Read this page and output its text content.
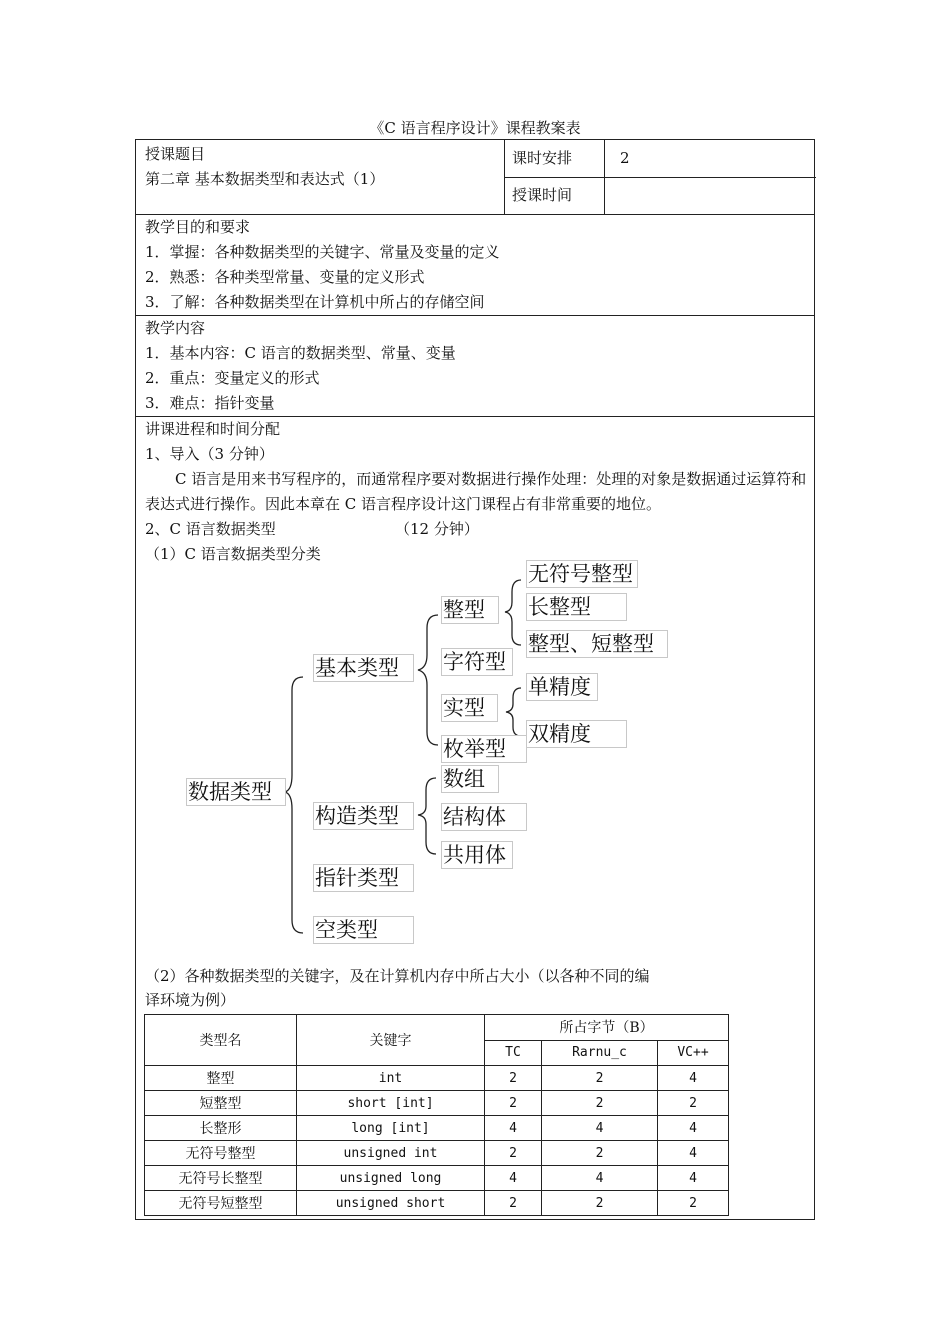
《C 语言程序设计》课程教案表
授课题目
第二章 基本数据类型和表达式（1）
课时安排	2
授课时间
教学目的和要求
1．掌握：各种数据类型的关键字、常量及变量的定义
2．熟悉：各种类型常量、变量的定义形式
3．了解：各种数据类型在计算机中所占的存储空间
教学内容
1．基本内容：C 语言的数据类型、常量、变量
2．重点：变量定义的形式
3．难点：指针变量
讲课进程和时间分配
1、导入（3 分钟）
C 语言是用来书写程序的，而通常程序要对数据进行操作处理：处理的对象是数据通过运算符和表达式进行操作。因此本章在 C 语言程序设计这门课程占有非常重要的地位。
2、C 语言数据类型	（12 分钟）
（1）C 语言数据类型分类
数据类型
基本类型
构造类型
指针类型
空类型
整型
字符型
实型
枚举型
无符号整型
长整型
整型、短整型
单精度
双精度
数组
结构体
共用体
（2）各种数据类型的关键字，及在计算机内存中所占大小（以各种不同的编
译环境为例）
类型名	关键字	所占字节（B）		
		TC	Rarnu_c	VC++
整型	int	2	2	4
短整型	short [int]	2	2	2
长整形	long [int]	4	4	4
无符号整型	unsigned int	2	2	4
无符号长整型	unsigned long	4	4	4
无符号短整型	unsigned short	2	2	2
